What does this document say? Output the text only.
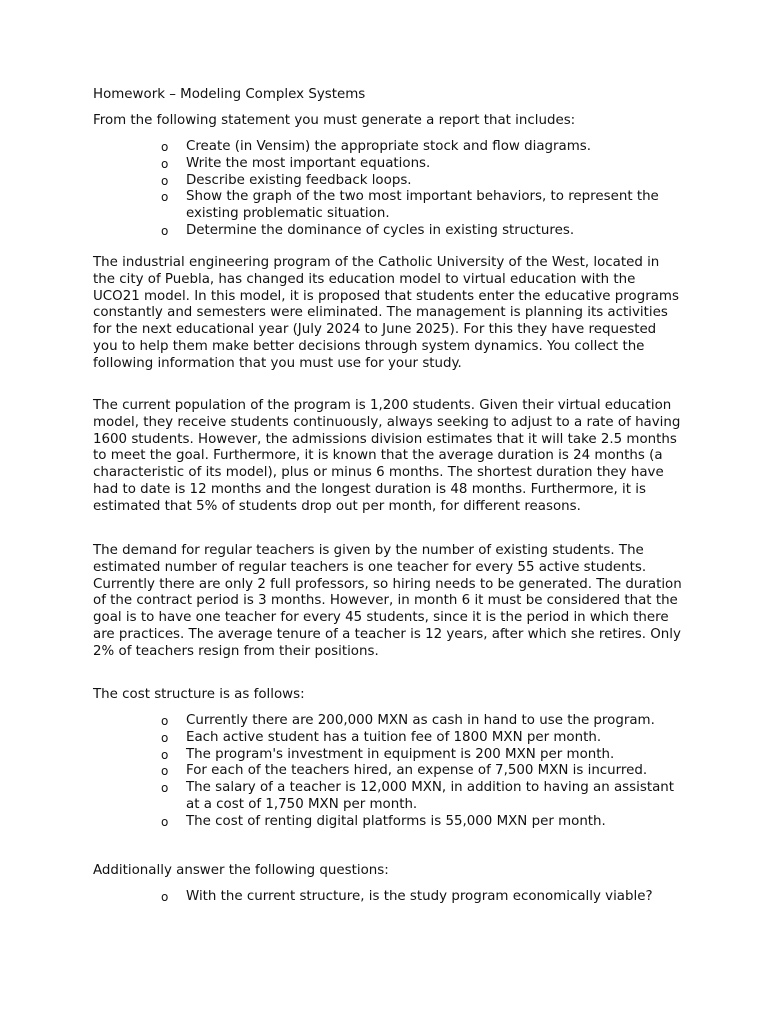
Homework – Modeling Complex Systems

From the following statement you must generate a report that includes:

o Create (in Vensim) the appropriate stock and flow diagrams.
o Write the most important equations.
o Describe existing feedback loops.
o Show the graph of the two most important behaviors, to represent the existing problematic situation.
o Determine the dominance of cycles in existing structures.

The industrial engineering program of the Catholic University of the West, located in the city of Puebla, has changed its education model to virtual education with the UCO21 model. In this model, it is proposed that students enter the educative programs constantly and semesters were eliminated. The management is planning its activities for the next educational year (July 2024 to June 2025). For this they have requested you to help them make better decisions through system dynamics. You collect the following information that you must use for your study.

The current population of the program is 1,200 students. Given their virtual education model, they receive students continuously, always seeking to adjust to a rate of having 1600 students. However, the admissions division estimates that it will take 2.5 months to meet the goal. Furthermore, it is known that the average duration is 24 months (a characteristic of its model), plus or minus 6 months. The shortest duration they have had to date is 12 months and the longest duration is 48 months. Furthermore, it is estimated that 5% of students drop out per month, for different reasons.

The demand for regular teachers is given by the number of existing students. The estimated number of regular teachers is one teacher for every 55 active students. Currently there are only 2 full professors, so hiring needs to be generated. The duration of the contract period is 3 months. However, in month 6 it must be considered that the goal is to have one teacher for every 45 students, since it is the period in which there are practices. The average tenure of a teacher is 12 years, after which she retires. Only 2% of teachers resign from their positions.

The cost structure is as follows:

o Currently there are 200,000 MXN as cash in hand to use the program.
o Each active student has a tuition fee of 1800 MXN per month.
o The program's investment in equipment is 200 MXN per month.
o For each of the teachers hired, an expense of 7,500 MXN is incurred.
o The salary of a teacher is 12,000 MXN, in addition to having an assistant at a cost of 1,750 MXN per month.
o The cost of renting digital platforms is 55,000 MXN per month.

Additionally answer the following questions:

o With the current structure, is the study program economically viable?
